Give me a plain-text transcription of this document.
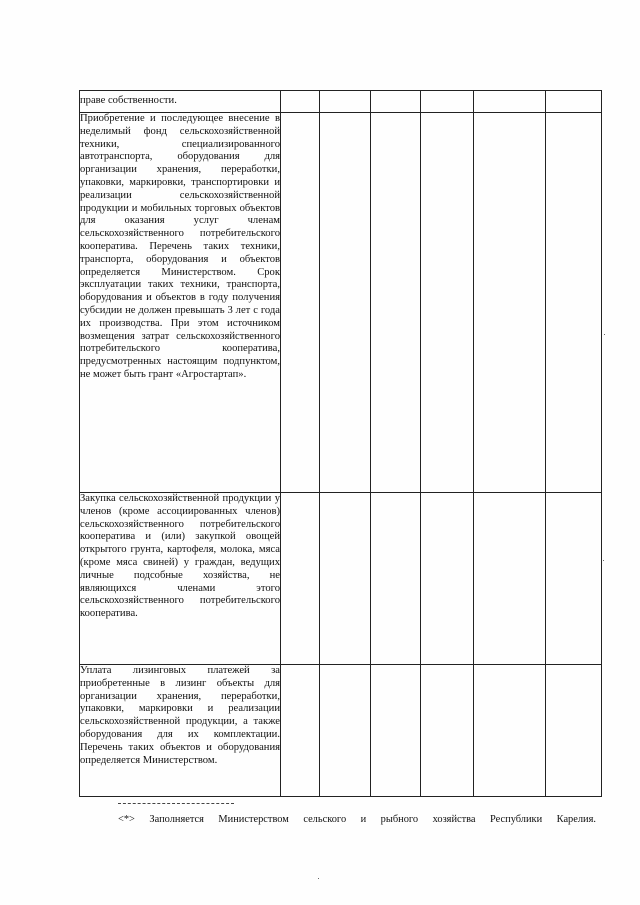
праве собственности.						

Приобретение и последующее внесение в неделимый фонд сельскохозяйственной техники, специализированного автотранспорта, оборудования для организации хранения, переработки, упаковки, маркировки, транспортировки и реализации сельскохозяйственной продукции и мобильных торговых объектов для оказания услуг членам сельскохозяйственного потребительского кооператива. Перечень таких техники, транспорта, оборудования и объектов определяется Министерством. Срок эксплуатации таких техники, транспорта, оборудования и объектов в году получения субсидии не должен превышать 3 лет с года их производства. При этом источником возмещения затрат сельскохозяйственного потребительского кооператива, предусмотренных настоящим подпунктом, не может быть грант «Агростартап».						

Закупка сельскохозяйственной продукции у членов (кроме ассоциированных членов) сельскохозяйственного потребительского кооператива и (или) закупкой овощей открытого грунта, картофеля, молока, мяса (кроме мяса свиней) у граждан, ведущих личные подсобные хозяйства, не являющихся членами этого сельскохозяйственного потребительского кооператива.						

Уплата лизинговых платежей за приобретенные в лизинг объекты для организации хранения, переработки, упаковки, маркировки и реализации сельскохозяйственной продукции, а также оборудования для их комплектации. Перечень таких объектов и оборудования определяется Министерством.						

<*> Заполняется Министерством сельского и рыбного хозяйства Республики Карелия.
